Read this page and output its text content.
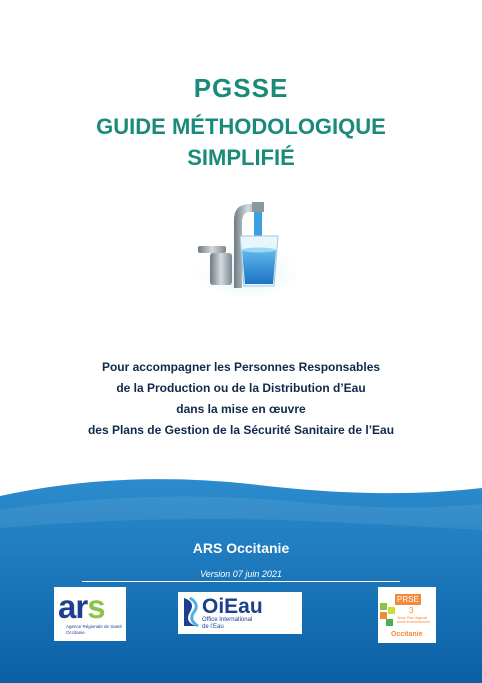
PGSSE
GUIDE MÉTHODOLOGIQUE
SIMPLIFIÉ
Pour accompagner les Personnes Responsables
de la Production ou de la Distribution d’Eau
dans la mise en œuvre
des Plans de Gestion de la Sécurité Sanitaire de l’Eau
ARS Occitanie
Version 07 juin 2021
ars
Agence Régionale de Santé
Occitanie
OiEau
Office International
de l’Eau
PRSE
3
3ème Plan régional santé environnement
Occitanie
